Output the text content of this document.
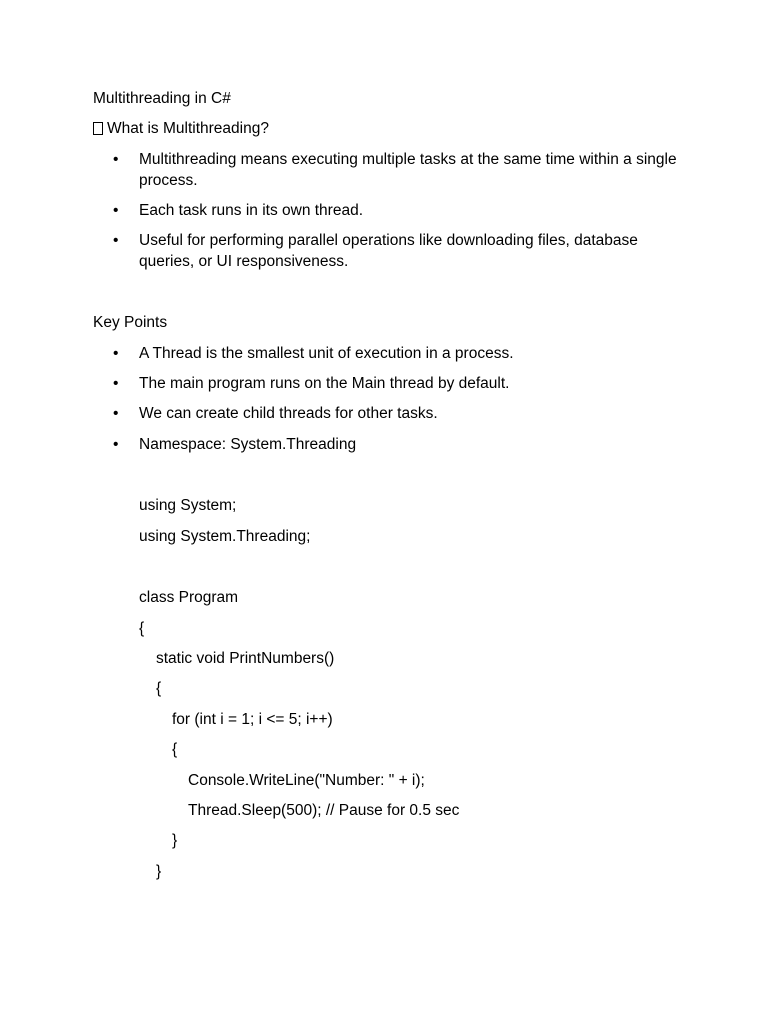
Multithreading in C#

What is Multithreading?

•	Multithreading means executing multiple tasks at the same time within a single process.
•	Each task runs in its own thread.
•	Useful for performing parallel operations like downloading files, database queries, or UI responsiveness.

Key Points

•	A Thread is the smallest unit of execution in a process.
•	The main program runs on the Main thread by default.
•	We can create child threads for other tasks.
•	Namespace: System.Threading

using System;

using System.Threading;

class Program

{

static void PrintNumbers()

{

for (int i = 1; i <= 5; i++)

{

Console.WriteLine("Number: " + i);

Thread.Sleep(500); // Pause for 0.5 sec

}

}
